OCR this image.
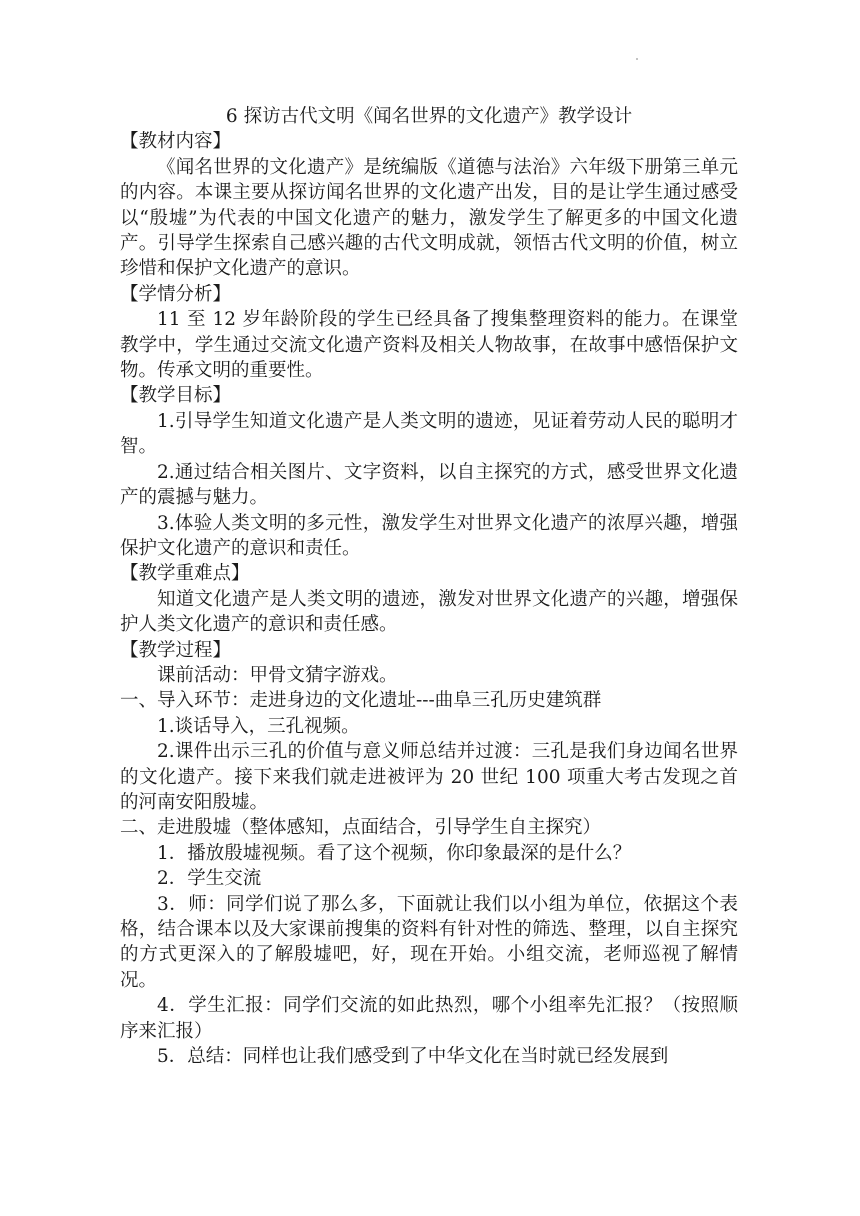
6 探访古代文明《闻名世界的文化遗产》教学设计

【教材内容】

《闻名世界的文化遗产》是统编版《道德与法治》六年级下册第三单元的内容。本课主要从探访闻名世界的文化遗产出发，目的是让学生通过感受以“殷墟”为代表的中国文化遗产的魅力，激发学生了解更多的中国文化遗产。引导学生探索自己感兴趣的古代文明成就，领悟古代文明的价值，树立珍惜和保护文化遗产的意识。

【学情分析】

11 至 12 岁年龄阶段的学生已经具备了搜集整理资料的能力。在课堂教学中，学生通过交流文化遗产资料及相关人物故事，在故事中感悟保护文物。传承文明的重要性。

【教学目标】

1.引导学生知道文化遗产是人类文明的遗迹，见证着劳动人民的聪明才智。

2.通过结合相关图片、文字资料，以自主探究的方式，感受世界文化遗产的震撼与魅力。

3.体验人类文明的多元性，激发学生对世界文化遗产的浓厚兴趣，增强保护文化遗产的意识和责任。

【教学重难点】

知道文化遗产是人类文明的遗迹，激发对世界文化遗产的兴趣，增强保护人类文化遗产的意识和责任感。

【教学过程】

课前活动：甲骨文猜字游戏。

一、导入环节：走进身边的文化遗址---曲阜三孔历史建筑群

1.谈话导入，三孔视频。

2.课件出示三孔的价值与意义师总结并过渡：三孔是我们身边闻名世界的文化遗产。接下来我们就走进被评为 20 世纪 100 项重大考古发现之首的河南安阳殷墟。

二、走进殷墟（整体感知，点面结合，引导学生自主探究）

1．播放殷墟视频。看了这个视频，你印象最深的是什么？

2．学生交流

3．师：同学们说了那么多，下面就让我们以小组为单位，依据这个表格，结合课本以及大家课前搜集的资料有针对性的筛选、整理，以自主探究的方式更深入的了解殷墟吧，好，现在开始。小组交流，老师巡视了解情况。

4．学生汇报：同学们交流的如此热烈，哪个小组率先汇报？（按照顺序来汇报）

5．总结：同样也让我们感受到了中华文化在当时就已经发展到
